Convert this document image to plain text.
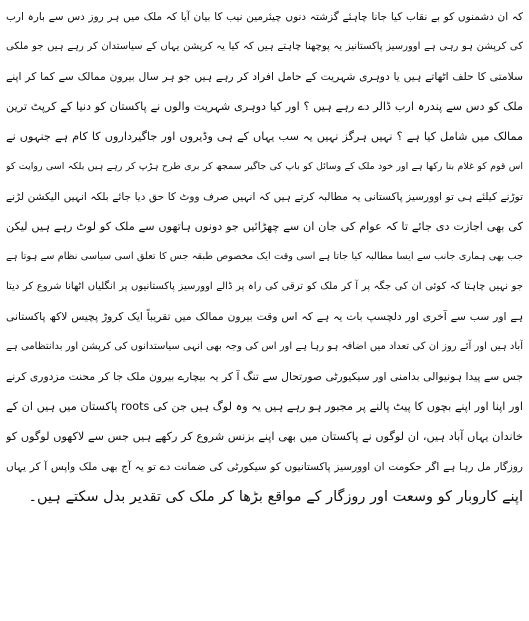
کہ ان دشمنوں کو بے نقاب کیا جانا چاہئے گزشتہ دنوں چیئرمین نیب کا بیان آیا کہ ملک میں ہر روز دس سے بارہ ارب
کی کرپشن ہو رہی ہے اوورسیز پاکستانیز یہ پوچھنا چاہتے ہیں کہ کیا یہ کرپشن یہاں کے سیاستدان کر رہے ہیں جو ملکی
سلامتی کا حلف اٹھاتے ہیں یا دوہری شہریت کے حامل افراد کر رہے ہیں جو ہر سال بیرون ممالک سے کما کر اپنے
ملک کو دس سے پندرہ ارب ڈالر دے رہے ہیں ؟ اور کیا دوہری شہریت والوں نے پاکستان کو دنیا کے کرپٹ ترین
ممالک میں شامل کیا ہے ؟ نہیں ہرگز نہیں یہ سب یہاں کے ہی وڈیروں اور جاگیرداروں کا کام ہے جنہوں نے
اس قوم کو غلام بنا رکھا ہے اور خود ملک کے وسائل کو باپ کی جاگیر سمجھ کر بری طرح ہڑپ کر رہے ہیں بلکہ اسی روایت کو
توڑنے کیلئے ہی تو اوورسیز پاکستانی یہ مطالبہ کرتے ہیں کہ انہیں صرف ووٹ کا حق دیا جائے بلکہ انہیں الیکشن لڑنے
کی بھی اجازت دی جائے تا کہ عوام کی جان ان سے چھڑائیں جو دونوں ہاتھوں سے ملک کو لوٹ رہے ہیں لیکن
جب بھی ہماری جانب سے ایسا مطالبہ کیا جاتا ہے اسی وقت ایک مخصوص طبقہ جس کا تعلق اسی سیاسی نظام سے ہوتا ہے
جو نہیں چاہتا کہ کوئی ان کی جگہ پر آ کر ملک کو ترقی کی راہ پر ڈالے اوورسیز پاکستانیوں پر انگلیاں اٹھانا شروع کر دیتا
ہے اور سب سے آخری اور دلچسپ بات یہ ہے کہ اس وقت بیرون ممالک میں تقریباً ایک کروڑ پچیس لاکھ پاکستانی
آباد ہیں اور آئے روز ان کی تعداد میں اضافہ ہو رہا ہے اور اس کی وجہ بھی انہی سیاستدانوں کی کرپشن اور بدانتظامی ہے
جس سے پیدا ہونیوالی بدامنی اور سیکیورٹی صورتحال سے تنگ آ کر یہ بیچارے بیرون ملک جا کر محنت مزدوری کرنے
اور اپنا اور اپنے بچوں کا پیٹ پالنے پر مجبور ہو رہے ہیں یہ وہ لوگ ہیں جن کی roots پاکستان میں ہیں ان کے
خاندان یہاں آباد ہیں، ان لوگوں نے پاکستان میں بھی اپنے بزنس شروع کر رکھے ہیں جس سے لاکھوں لوگوں کو
روزگار مل رہا ہے اگر حکومت ان اوورسیز پاکستانیوں کو سیکورٹی کی ضمانت دے تو یہ آج بھی ملک واپس آ کر یہاں
اپنے کاروبار کو وسعت اور روزگار کے مواقع بڑھا کر ملک کی تقدیر بدل سکتے ہیں۔
